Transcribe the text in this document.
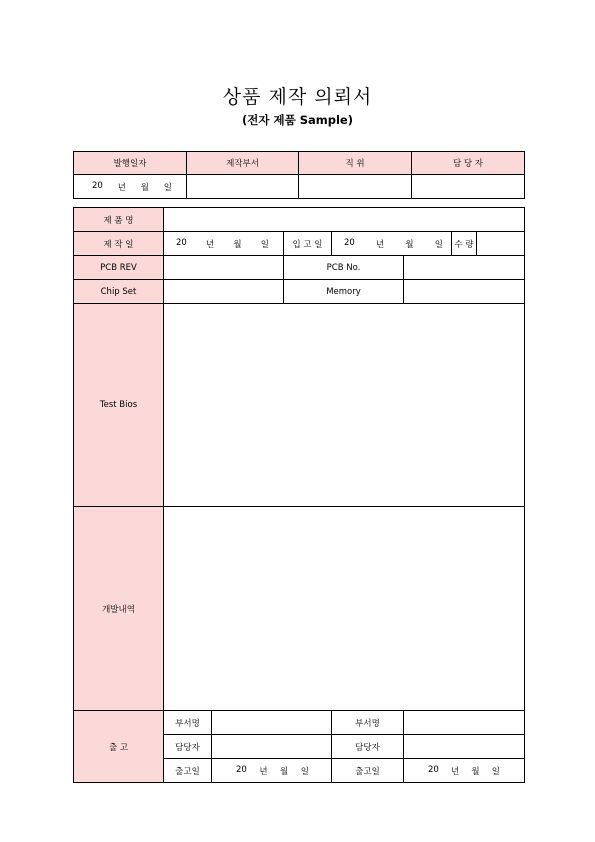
상품 제작 의뢰서
(전자 제품 Sample)
발행일자	제작부서	직 위	담 당 자

20 년 월 일			

제 품 명							
제 작 일	20 년 월 일		입 고 일	20 년 월 일		수 량	
PCB REV			PCB No.				
Chip Set			Memory				
Test Bios							
개발내역							
출 고	부서명			부서명			
	담당자			담당자			
	출고일	20 년 월 일		출고일	20 년 월 일		
